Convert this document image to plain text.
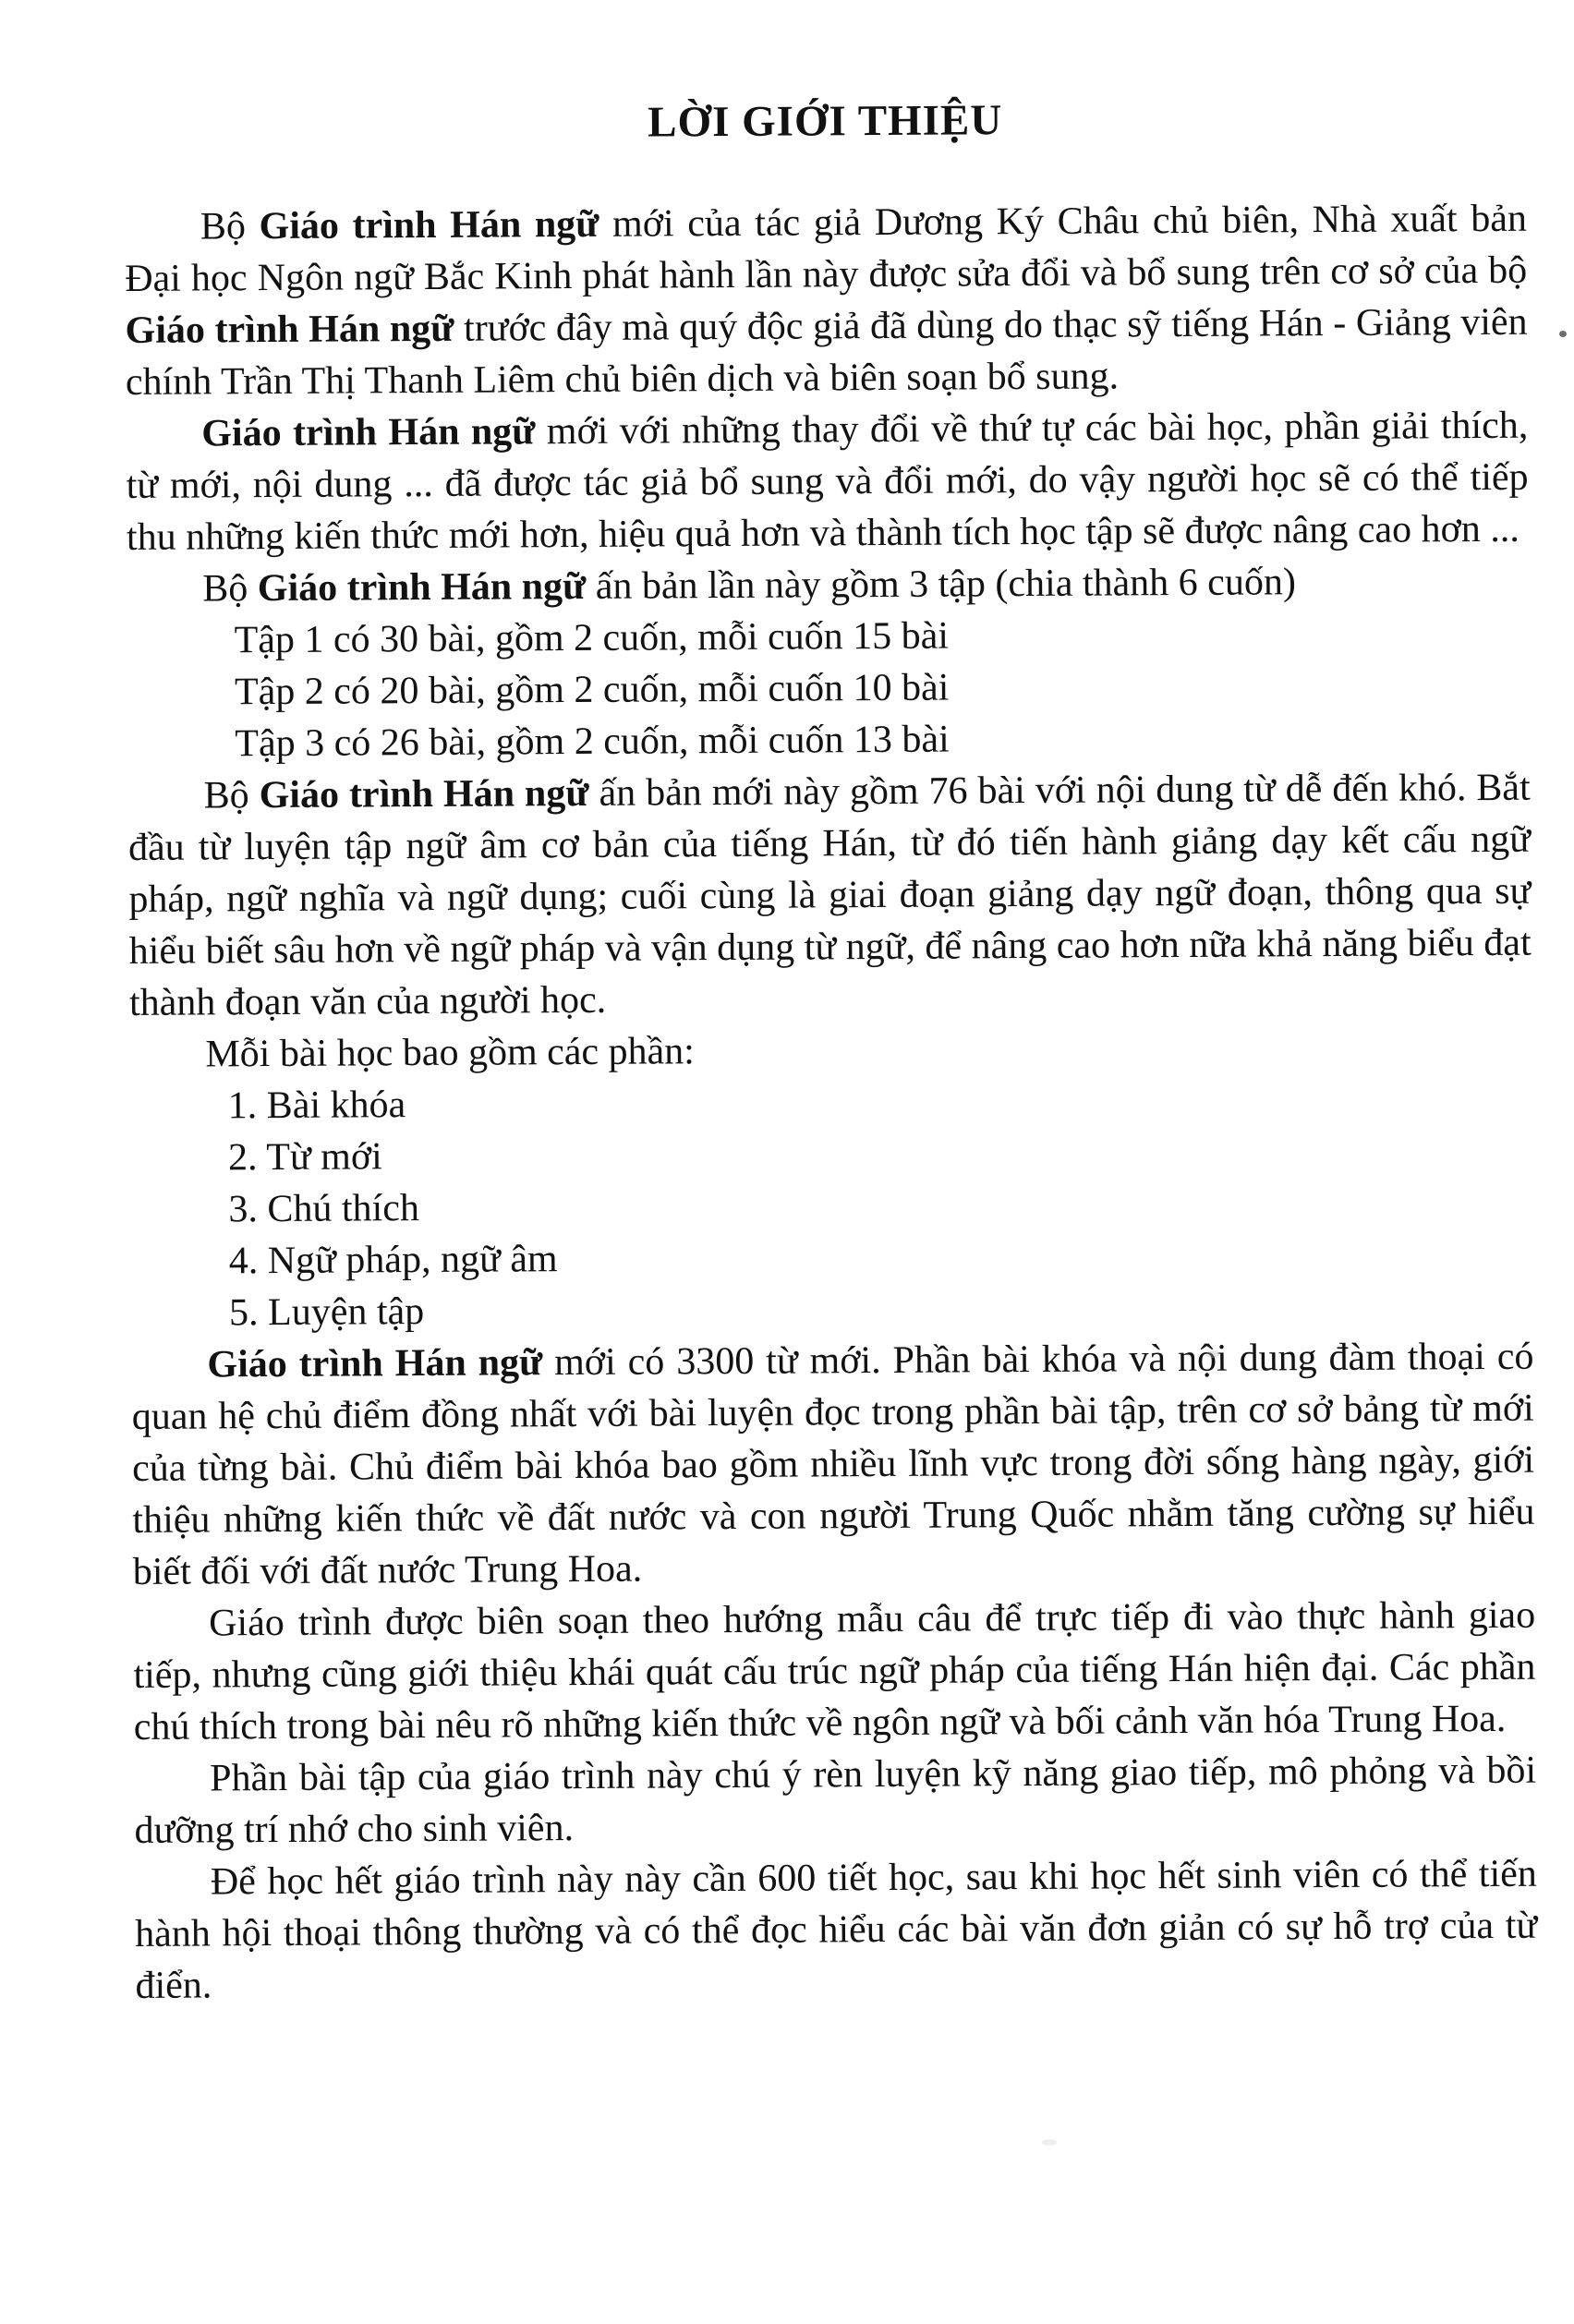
LỜI GIỚI THIỆU

Bộ Giáo trình Hán ngữ mới của tác giả Dương Ký Châu chủ biên, Nhà xuất bản Đại học Ngôn ngữ Bắc Kinh phát hành lần này được sửa đổi và bổ sung trên cơ sở của bộ Giáo trình Hán ngữ trước đây mà quý độc giả đã dùng do thạc sỹ tiếng Hán - Giảng viên chính Trần Thị Thanh Liêm chủ biên dịch và biên soạn bổ sung.

Giáo trình Hán ngữ mới với những thay đổi về thứ tự các bài học, phần giải thích, từ mới, nội dung ... đã được tác giả bổ sung và đổi mới, do vậy người học sẽ có thể tiếp thu những kiến thức mới hơn, hiệu quả hơn và thành tích học tập sẽ được nâng cao hơn ...

Bộ Giáo trình Hán ngữ ấn bản lần này gồm 3 tập (chia thành 6 cuốn)

Tập 1 có 30 bài, gồm 2 cuốn, mỗi cuốn 15 bài
Tập 2 có 20 bài, gồm 2 cuốn, mỗi cuốn 10 bài
Tập 3 có 26 bài, gồm 2 cuốn, mỗi cuốn 13 bài

Bộ Giáo trình Hán ngữ ấn bản mới này gồm 76 bài với nội dung từ dễ đến khó. Bắt đầu từ luyện tập ngữ âm cơ bản của tiếng Hán, từ đó tiến hành giảng dạy kết cấu ngữ pháp, ngữ nghĩa và ngữ dụng; cuối cùng là giai đoạn giảng dạy ngữ đoạn, thông qua sự hiểu biết sâu hơn về ngữ pháp và vận dụng từ ngữ, để nâng cao hơn nữa khả năng biểu đạt thành đoạn văn của người học.

Mỗi bài học bao gồm các phần:

1. Bài khóa
2. Từ mới
3. Chú thích
4. Ngữ pháp, ngữ âm
5. Luyện tập

Giáo trình Hán ngữ mới có 3300 từ mới. Phần bài khóa và nội dung đàm thoại có quan hệ chủ điểm đồng nhất với bài luyện đọc trong phần bài tập, trên cơ sở bảng từ mới của từng bài. Chủ điểm bài khóa bao gồm nhiều lĩnh vực trong đời sống hàng ngày, giới thiệu những kiến thức về đất nước và con người Trung Quốc nhằm tăng cường sự hiểu biết đối với đất nước Trung Hoa.

Giáo trình được biên soạn theo hướng mẫu câu để trực tiếp đi vào thực hành giao tiếp, nhưng cũng giới thiệu khái quát cấu trúc ngữ pháp của tiếng Hán hiện đại. Các phần chú thích trong bài nêu rõ những kiến thức về ngôn ngữ và bối cảnh văn hóa Trung Hoa.

Phần bài tập của giáo trình này chú ý rèn luyện kỹ năng giao tiếp, mô phỏng và bồi dưỡng trí nhớ cho sinh viên.

Để học hết giáo trình này này cần 600 tiết học, sau khi học hết sinh viên có thể tiến hành hội thoại thông thường và có thể đọc hiểu các bài văn đơn giản có sự hỗ trợ của từ điển.
